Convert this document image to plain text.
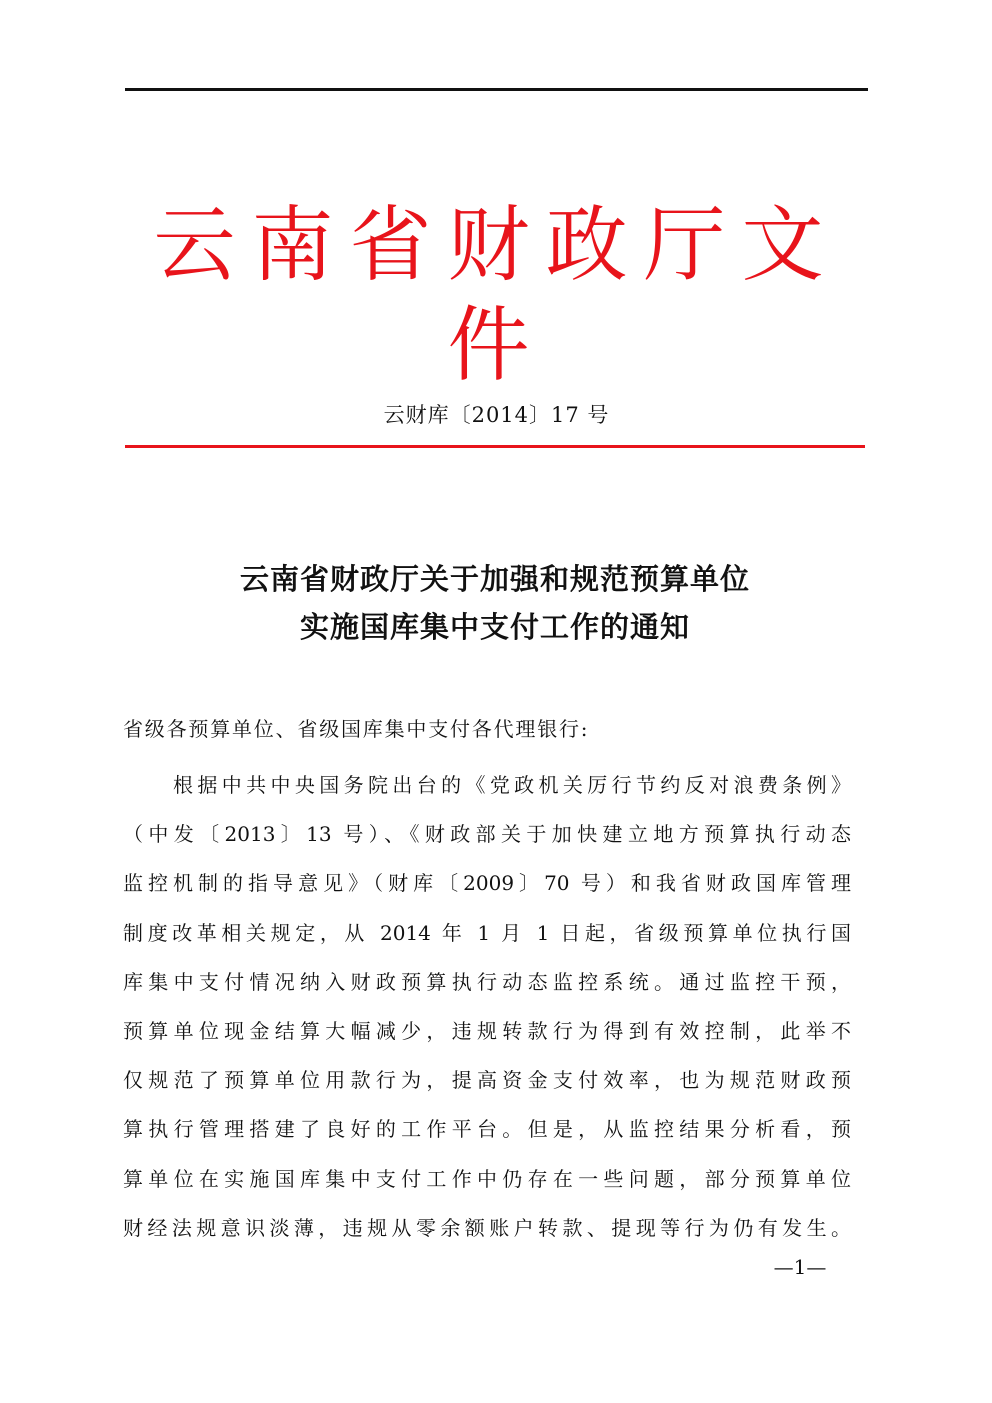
云南省财政厅文件
云财库〔2014〕17 号
云南省财政厅关于加强和规范预算单位
实施国库集中支付工作的通知
省级各预算单位、省级国库集中支付各代理银行:
根据中共中央国务院出台的《党政机关厉行节约反对浪费条例》
（中发〔2013〕13 号）、《财政部关于加快建立地方预算执行动态
监控机制的指导意见》（财库〔2009〕70 号）和我省财政国库管理
制度改革相关规定，从 2014 年 1 月 1 日起，省级预算单位执行国
库集中支付情况纳入财政预算执行动态监控系统。通过监控干预，
预算单位现金结算大幅减少，违规转款行为得到有效控制，此举不
仅规范了预算单位用款行为，提高资金支付效率，也为规范财政预
算执行管理搭建了良好的工作平台。但是，从监控结果分析看，预
算单位在实施国库集中支付工作中仍存在一些问题，部分预算单位
财经法规意识淡薄，违规从零余额账户转款、提现等行为仍有发生。
—1—
